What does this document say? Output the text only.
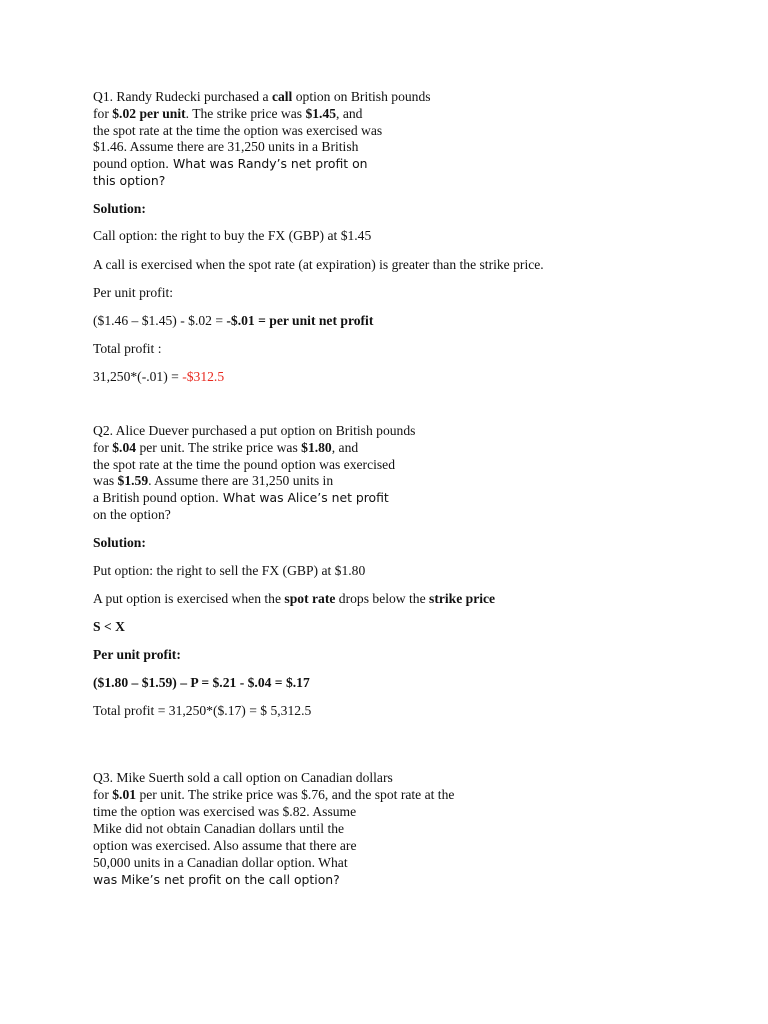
Q1. Randy Rudecki purchased a call option on British pounds
for $.02 per unit. The strike price was $1.45, and
the spot rate at the time the option was exercised was
$1.46. Assume there are 31,250 units in a British
pound option. What was Randy’s net profit on
this option?
Solution:
Call option: the right to buy the FX (GBP) at $1.45
A call is exercised when the spot rate (at expiration) is greater than the strike price.
Per unit profit:
($1.46 – $1.45) - $.02 = -$.01 = per unit net profit
Total profit :
31,250*(-.01) = -$312.5
Q2. Alice Duever purchased a put option on British pounds
for $.04 per unit. The strike price was $1.80, and
the spot rate at the time the pound option was exercised
was $1.59. Assume there are 31,250 units in
a British pound option. What was Alice’s net profit
on the option?
Solution:
Put option: the right to sell the FX (GBP) at $1.80
A put option is exercised when the spot rate drops below the strike price
S < X
Per unit profit:
($1.80 – $1.59) – P = $.21 - $.04 = $.17
Total profit = 31,250*($.17) = $ 5,312.5
Q3. Mike Suerth sold a call option on Canadian dollars
for $.01 per unit. The strike price was $.76, and the spot rate at the
time the option was exercised was $.82. Assume
Mike did not obtain Canadian dollars until the
option was exercised. Also assume that there are
50,000 units in a Canadian dollar option. What
was Mike’s net profit on the call option?
